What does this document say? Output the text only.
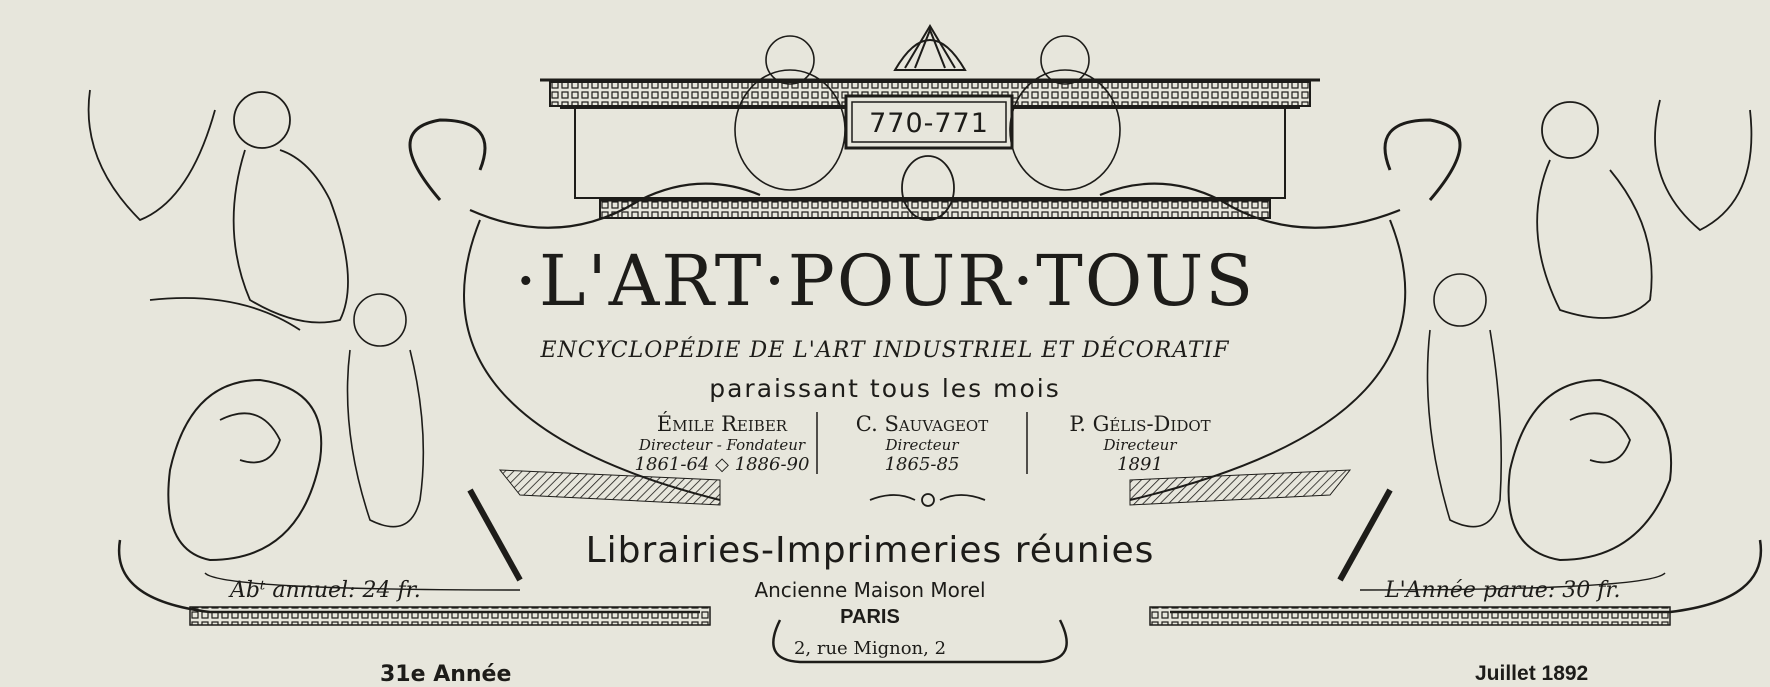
770-771
·L'ART·POUR·TOUS
ENCYCLOPÉDIE DE L'ART INDUSTRIEL ET DÉCORATIF
paraissant tous les mois
Émile Reiber
Directeur - Fondateur
1861-64 ◇ 1886-90
C. Sauvageot
Directeur
1865-85
P. Gélis-Didot
Directeur
1891
Librairies-Imprimeries réunies
Ancienne Maison Morel
PARIS
2, rue Mignon, 2
Abᵗ annuel: 24 fr.	L'Année parue: 30 fr.
31e Année	Juillet 1892
